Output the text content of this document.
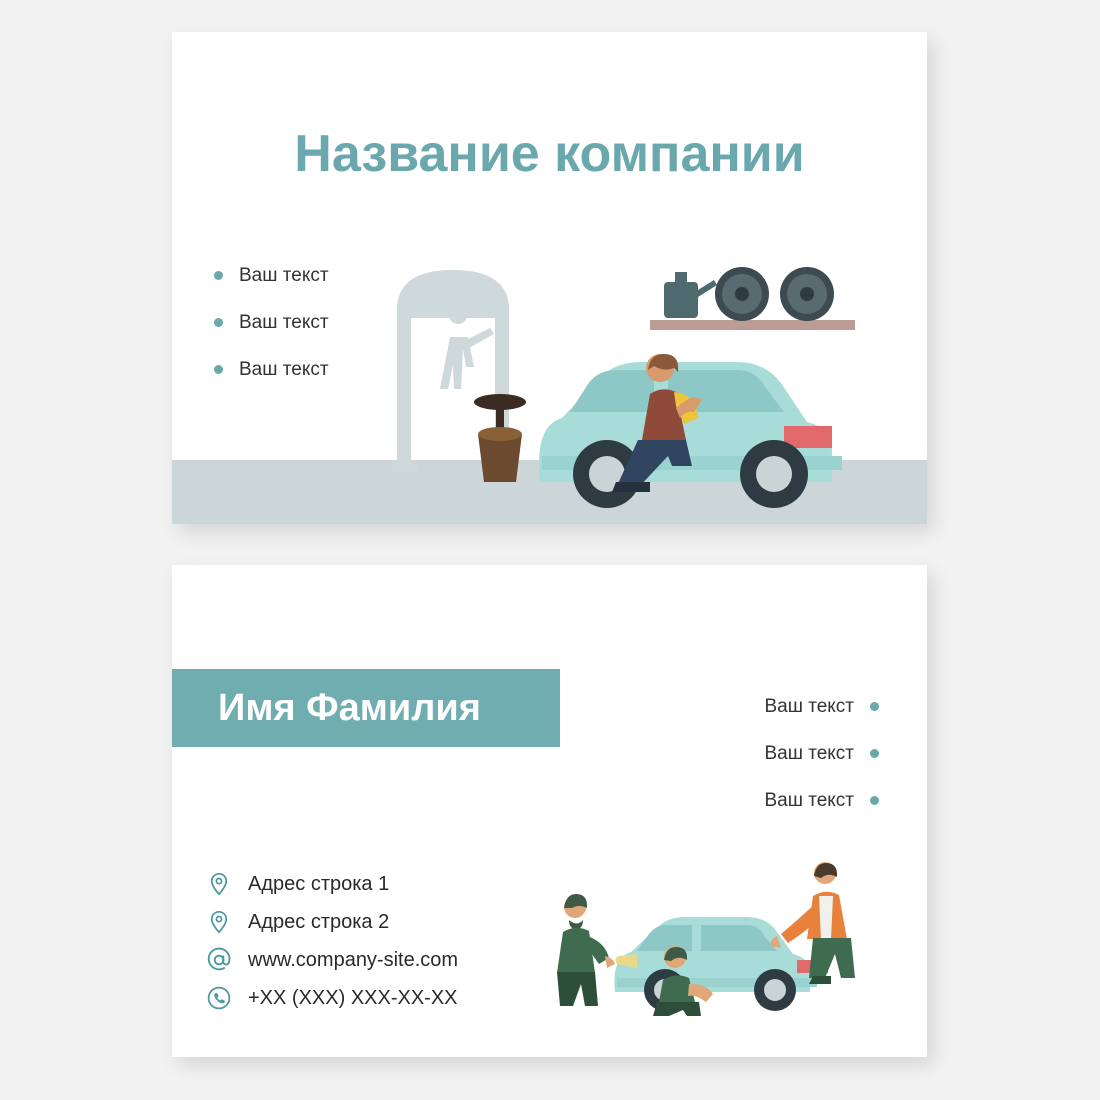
Название компании
Ваш текст
Ваш текст
Ваш текст
Имя Фамилия	Ваш текст
Ваш текст
Ваш текст
Адрес строка 1
Адрес строка 2
www.company-site.com
+XX (XXX) XXX-XX-XX
